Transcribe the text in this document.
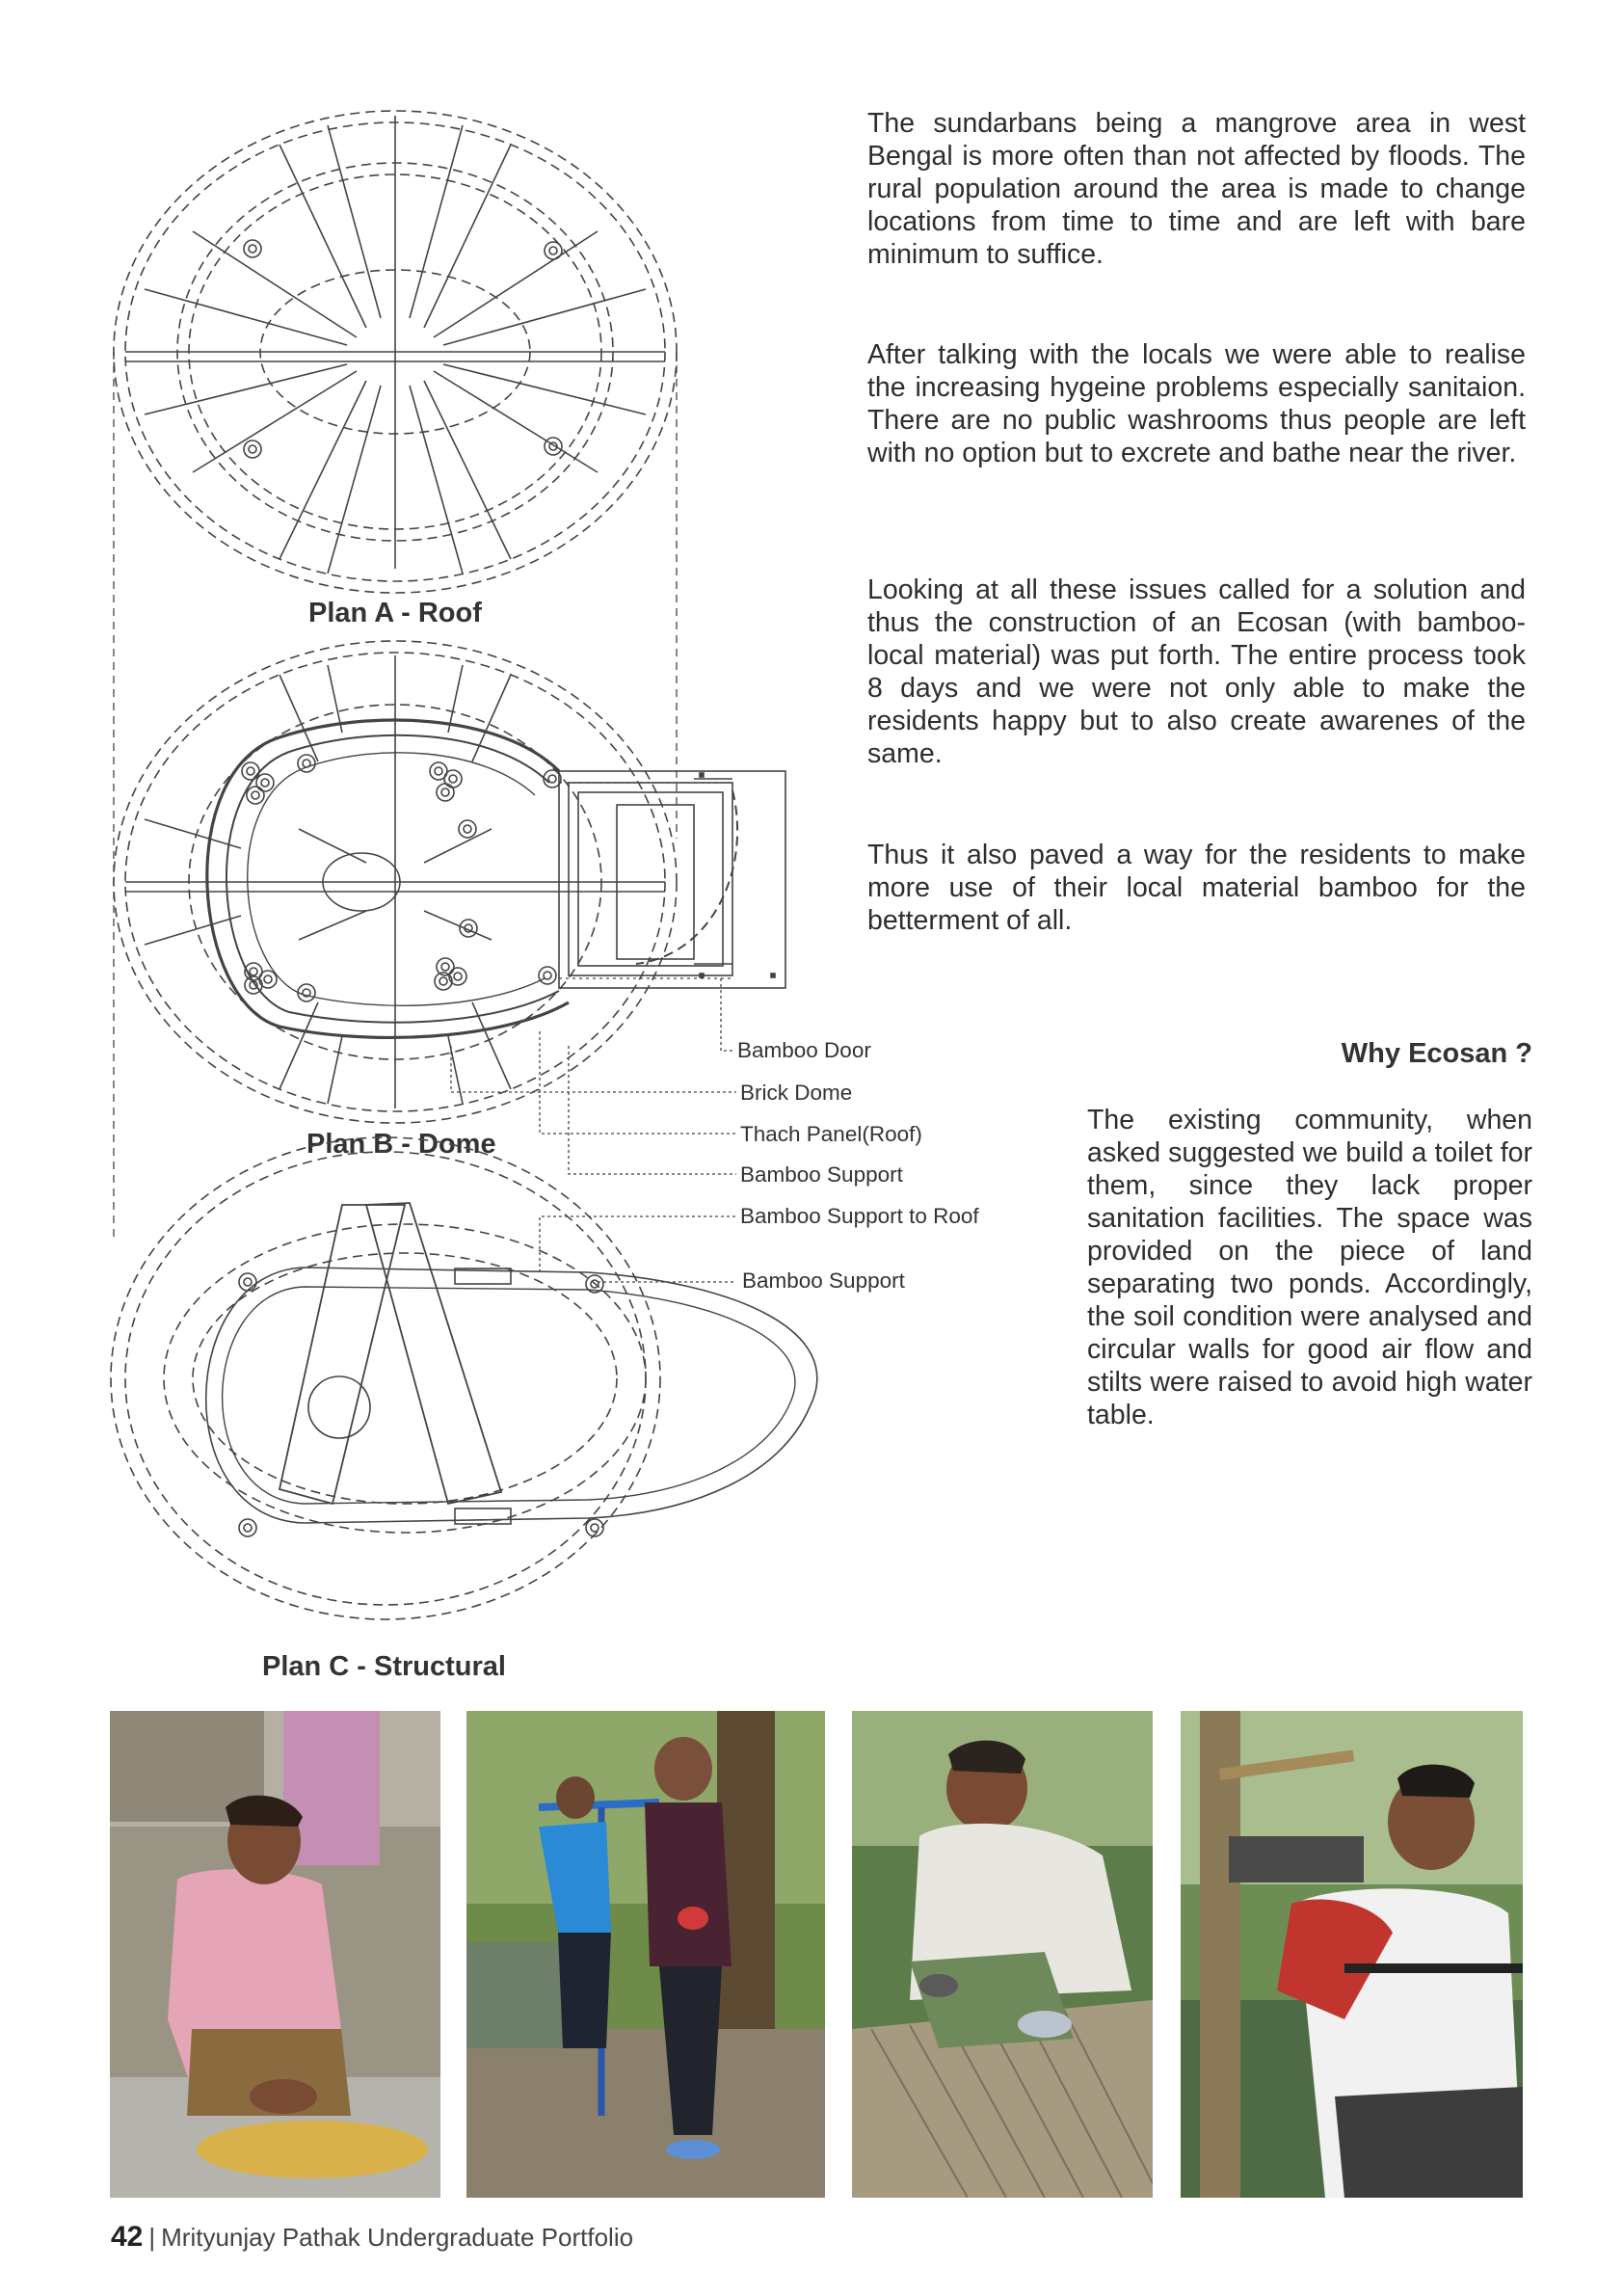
The sundarbans being a mangrove area in west Bengal is more often than not affected by floods. The rural population around the area is made to change locations from time to time and are left with bare minimum to suffice.

After talking with the locals we were able to realise the increasing hygeine problems especially sanitaion. There are no public washrooms thus people are left with no option but to excrete and bathe near the river.

Looking at all these issues called for a solution and thus the construction of an Ecosan (with bamboo- local material) was put forth. The entire process took 8 days and we were not only able to make the residents happy but to also create awarenes of the same.

Thus it also paved a way for the residents to make more use of their local material bamboo for the betterment of all.

Why Ecosan ?

The existing community, when asked suggested we build a toilet for them, since they lack proper sanitation facilities. The space was provided on the piece of land separating two ponds. Accordingly, the soil condition were analysed and circular walls for good air flow and stilts were raised to avoid high water table.

Plan A - Roof
Plan B - Dome
Plan C - Structural
Bamboo Door
Brick Dome
Thach Panel(Roof)
Bamboo Support
Bamboo Support to Roof
Bamboo Support
42 | Mrityunjay Pathak Undergraduate Portfolio
